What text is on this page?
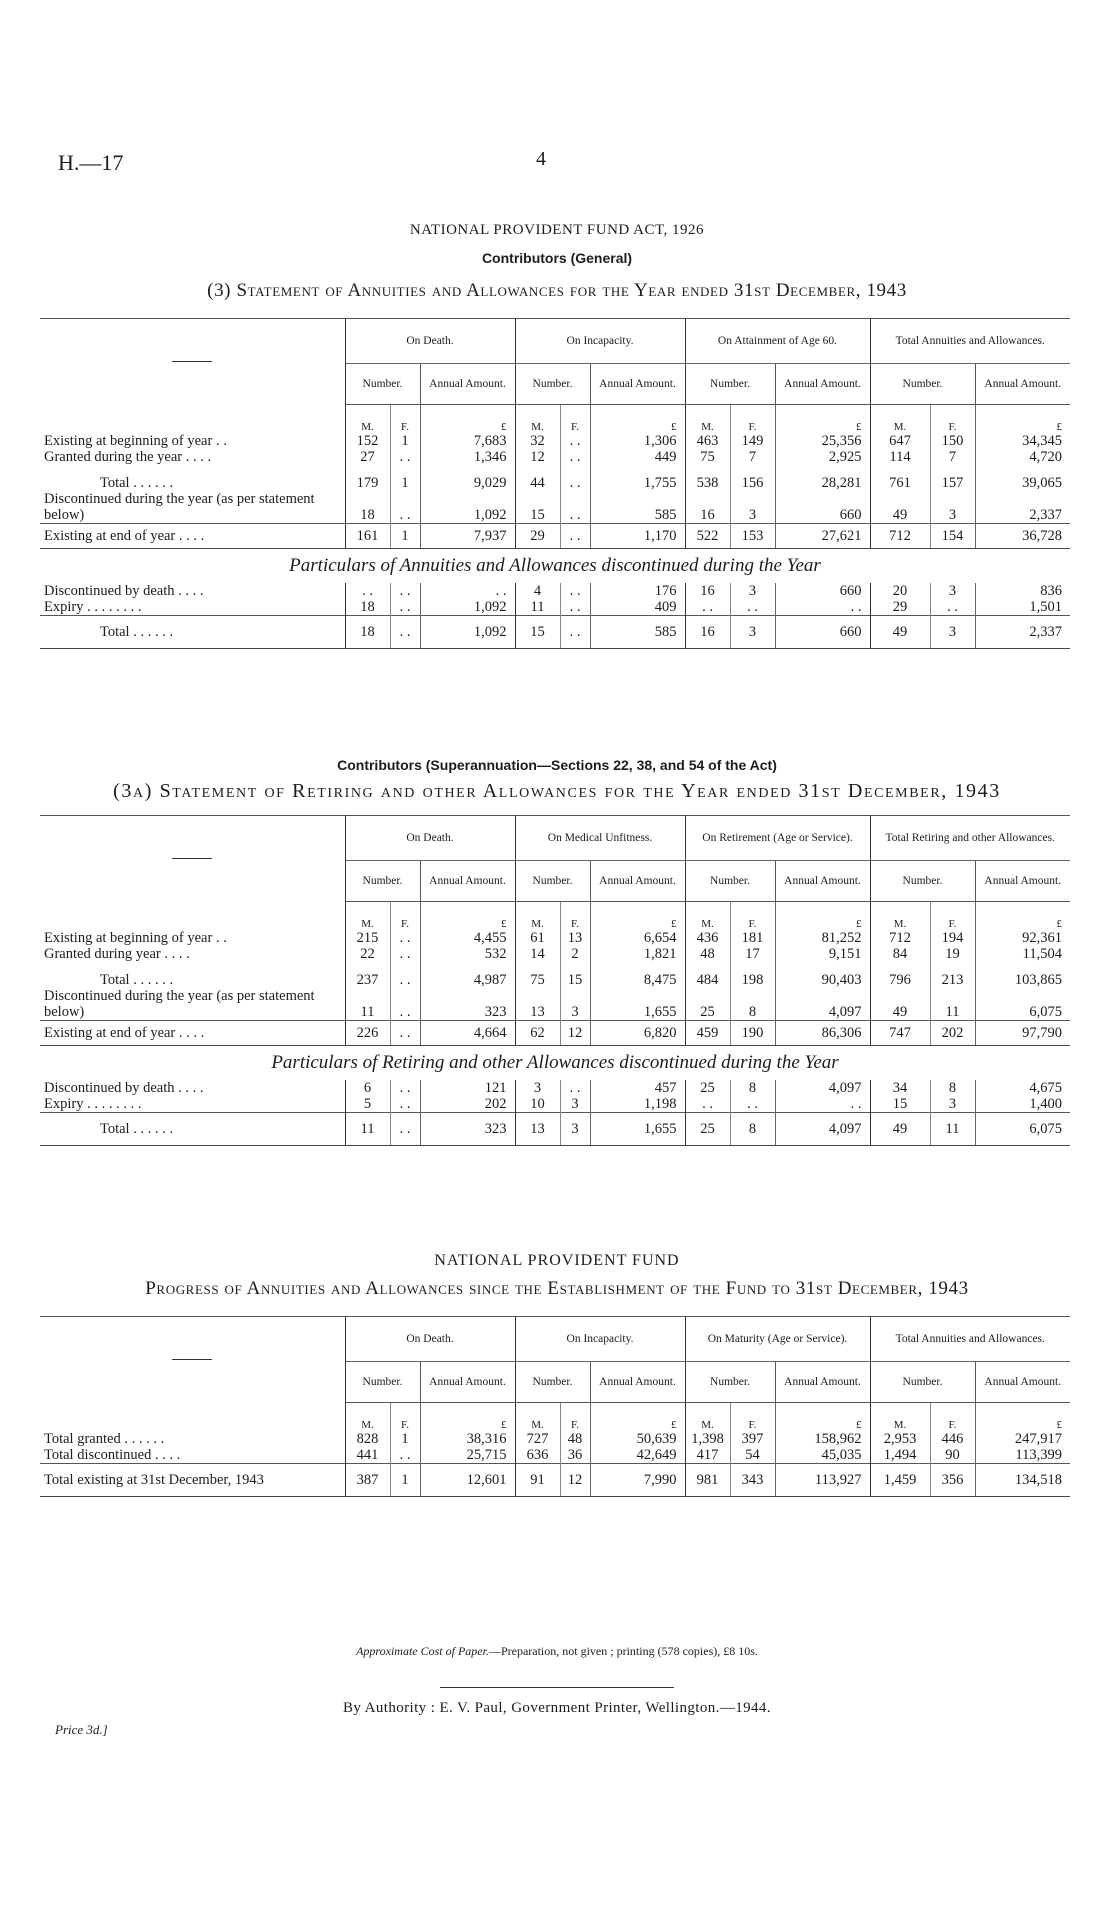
H.—17	4
NATIONAL PROVIDENT FUND ACT, 1926
Contributors (General)
(3) Statement of Annuities and Allowances for the Year ended 31st December, 1943
	On Death.			On Incapacity.			On Attainment of Age 60.			Total Annuities and Allowances.		
	Number.		Annual Amount.	Number.		Annual Amount.	Number.		Annual Amount.	Number.		Annual Amount.
	M.	F.	£	M.	F.	£	M.	F.	£	M.	F.	£
Existing at beginning of year . .	152	1	7,683	32	. .	1,306	463	149	25,356	647	150	34,345
Granted during the year . . . .	27	. .	1,346	12	. .	449	75	7	2,925	114	7	4,720

Total . . . . . .	179	1	9,029	44	. .	1,755	538	156	28,281	761	157	39,065
Discontinued during the year (as per statement below)	18	. .	1,092	15	. .	585	16	3	660	49	3	2,337
Existing at end of year . . . .	161	1	7,937	29	. .	1,170	522	153	27,621	712	154	36,728
Particulars of Annuities and Allowances discontinued during the Year												
Discontinued by death . . . .	. .	. .	. .	4	. .	176	16	3	660	20	3	836
Expiry . . . . . . . .	18	. .	1,092	11	. .	409	. .	. .	. .	29	. .	1,501
Total . . . . . .	18	. .	1,092	15	. .	585	16	3	660	49	3	2,337
Contributors (Superannuation—Sections 22, 38, and 54 of the Act)
(3a) Statement of Retiring and other Allowances for the Year ended 31st December, 1943
	On Death.			On Medical Unfitness.			On Retirement (Age or Service).			Total Retiring and other Allowances.		
	Number.		Annual Amount.	Number.		Annual Amount.	Number.		Annual Amount.	Number.		Annual Amount.
	M.	F.	£	M.	F.	£	M.	F.	£	M.	F.	£
Existing at beginning of year . .	215	. .	4,455	61	13	6,654	436	181	81,252	712	194	92,361
Granted during year . . . .	22	. .	532	14	2	1,821	48	17	9,151	84	19	11,504

Total . . . . . .	237	. .	4,987	75	15	8,475	484	198	90,403	796	213	103,865
Discontinued during the year (as per statement below)	11	. .	323	13	3	1,655	25	8	4,097	49	11	6,075
Existing at end of year . . . .	226	. .	4,664	62	12	6,820	459	190	86,306	747	202	97,790
Particulars of Retiring and other Allowances discontinued during the Year												
Discontinued by death . . . .	6	. .	121	3	. .	457	25	8	4,097	34	8	4,675
Expiry . . . . . . . .	5	. .	202	10	3	1,198	. .	. .	. .	15	3	1,400
Total . . . . . .	11	. .	323	13	3	1,655	25	8	4,097	49	11	6,075
NATIONAL PROVIDENT FUND
Progress of Annuities and Allowances since the Establishment of the Fund to 31st December, 1943
	On Death.			On Incapacity.			On Maturity (Age or Service).			Total Annuities and Allowances.		
	Number.		Annual Amount.	Number.		Annual Amount.	Number.		Annual Amount.	Number.		Annual Amount.
	M.	F.	£	M.	F.	£	M.	F.	£	M.	F.	£
Total granted . . . . . .	828	1	38,316	727	48	50,639	1,398	397	158,962	2,953	446	247,917
Total discontinued . . . .	441	. .	25,715	636	36	42,649	417	54	45,035	1,494	90	113,399
Total existing at 31st December, 1943	387	1	12,601	91	12	7,990	981	343	113,927	1,459	356	134,518
Approximate Cost of Paper.—Preparation, not given ; printing (578 copies), £8 10s.
By Authority : E. V. Paul, Government Printer, Wellington.—1944.
Price 3d.]
